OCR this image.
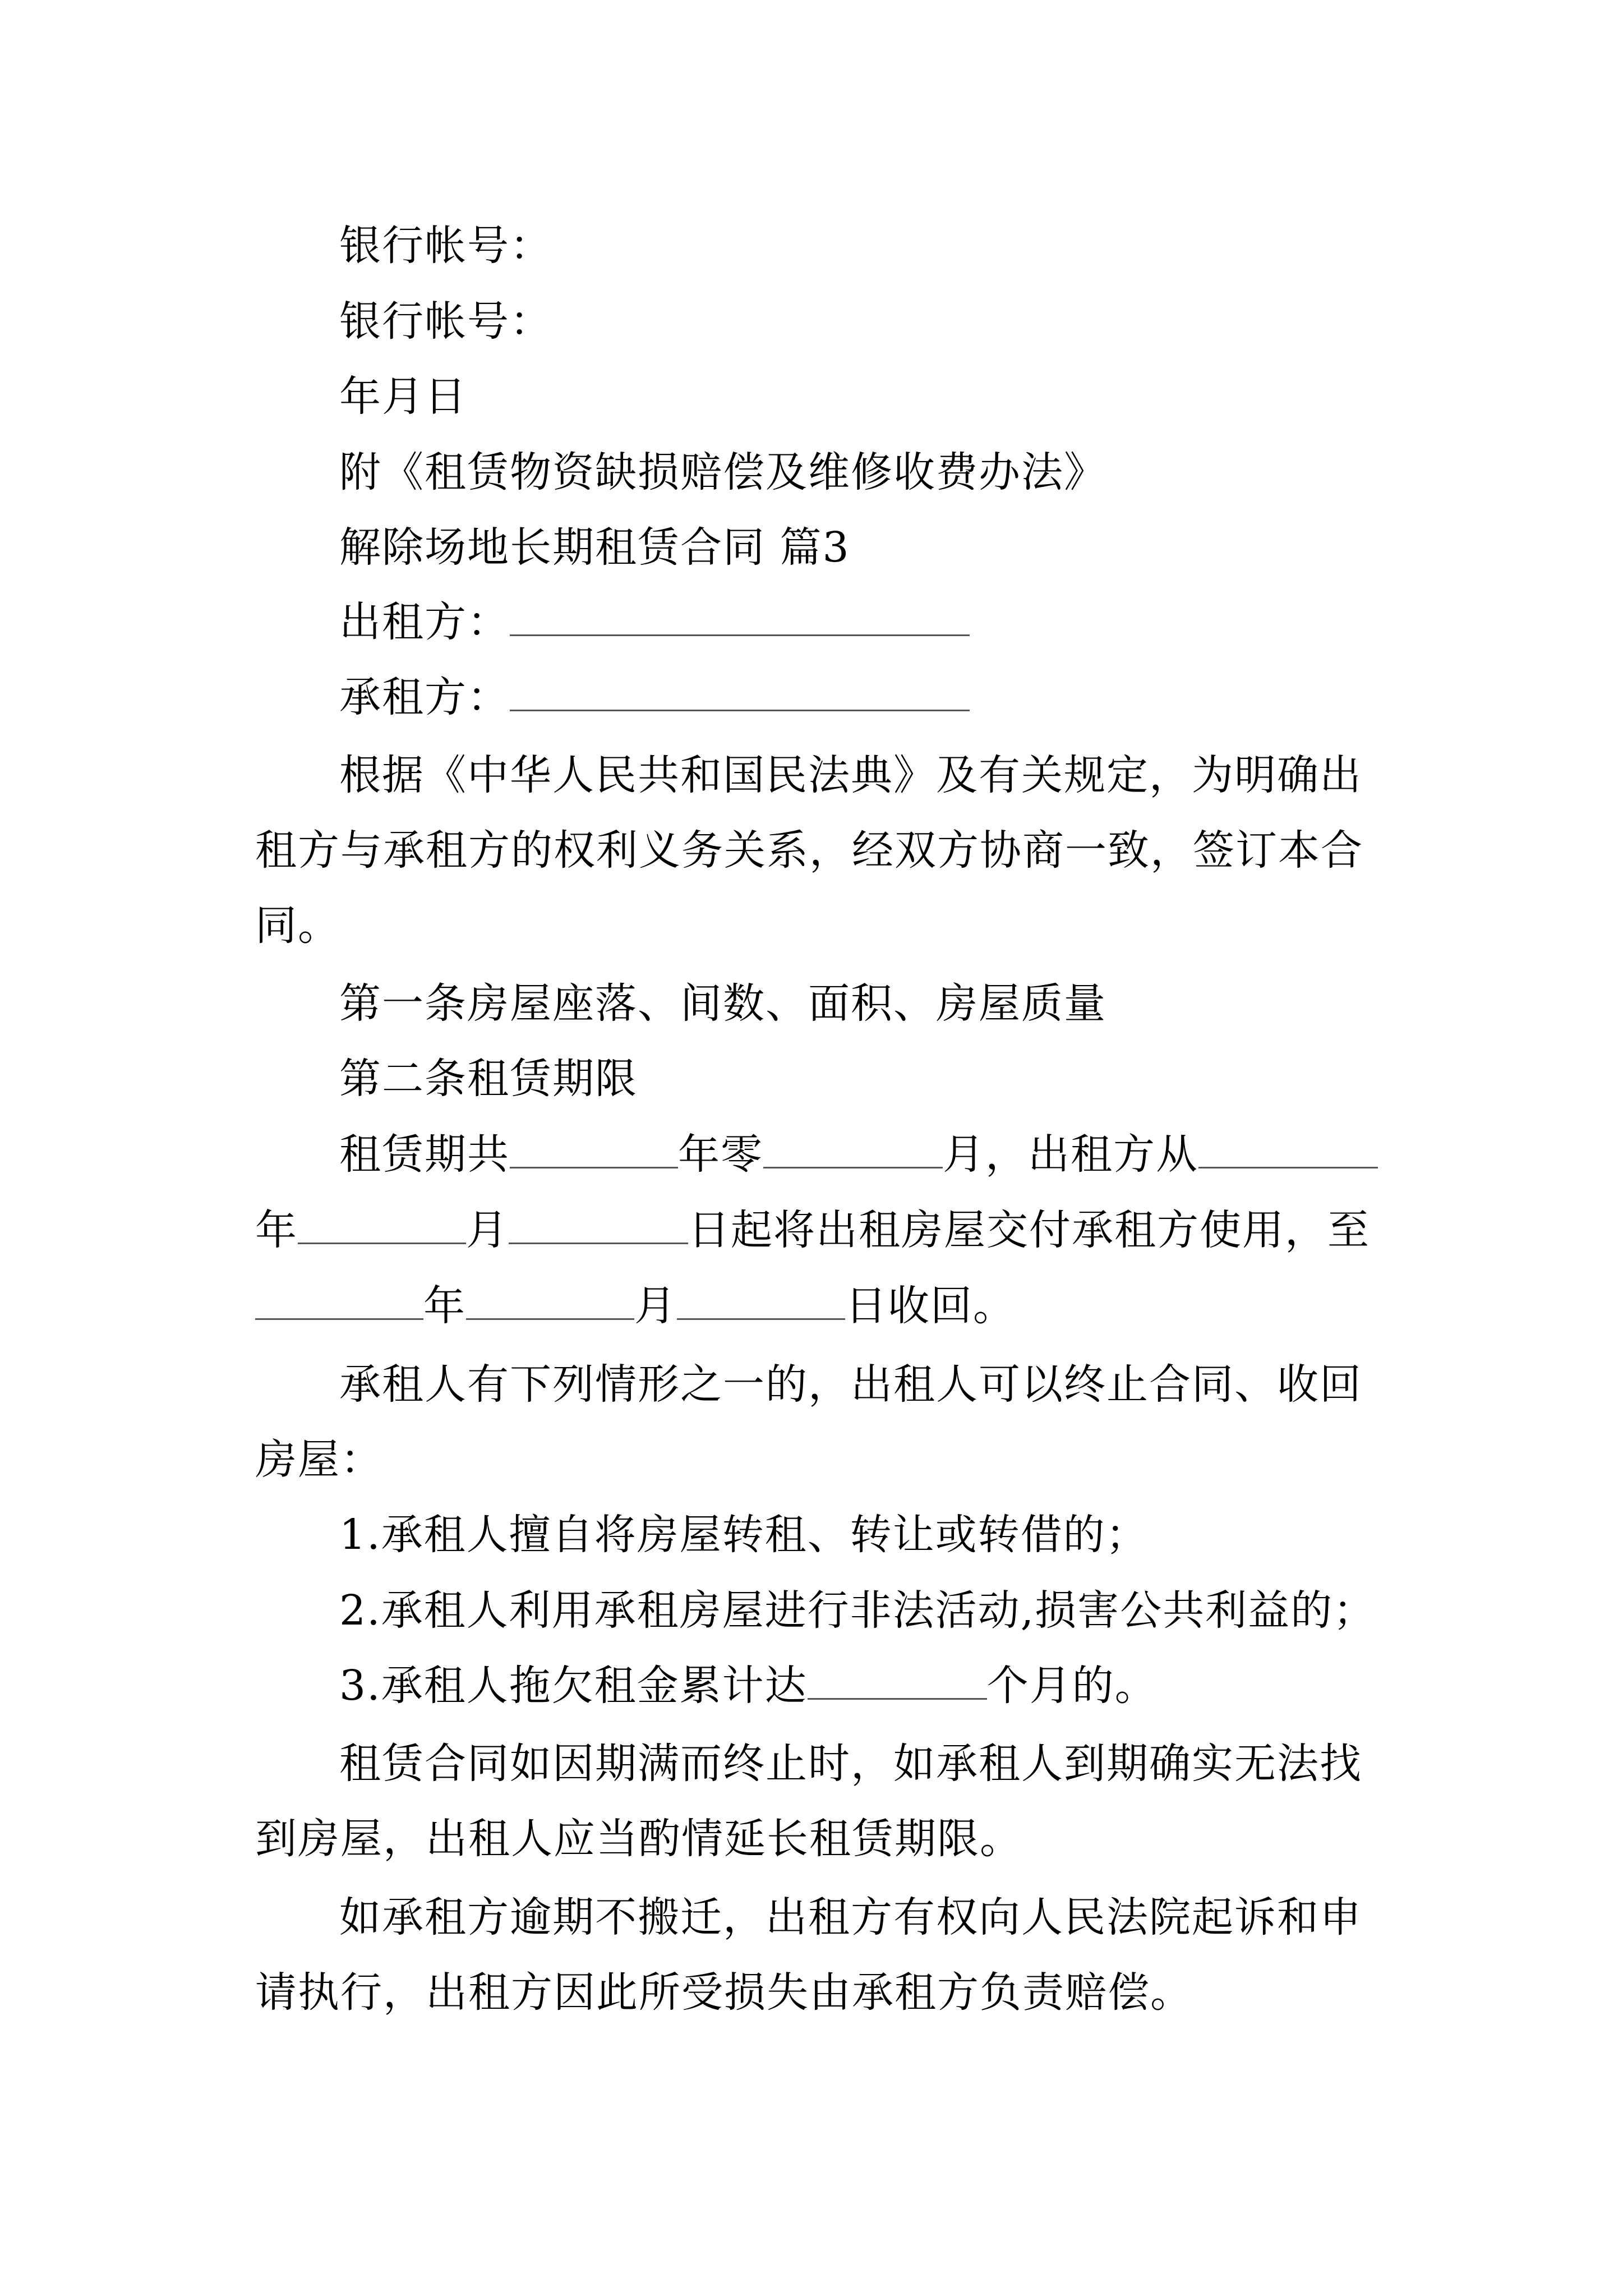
银行帐号：
银行帐号：
年月日
附《租赁物资缺损赔偿及维修收费办法》
解除场地长期租赁合同 篇3
出租方：
承租方：
根据《中华人民共和国民法典》及有关规定，为明确出
租方与承租方的权利义务关系，经双方协商一致，签订本合
同。
第一条房屋座落、间数、面积、房屋质量
第二条租赁期限
租赁期共	年零	月，出租方从
年	月	日起将出租房屋交付承租方使用，至
年	月	日收回。
承租人有下列情形之一的，出租人可以终止合同、收回
房屋：
1.承租人擅自将房屋转租、转让或转借的；
2.承租人利用承租房屋进行非法活动,损害公共利益的；
3.承租人拖欠租金累计达	个月的。
租赁合同如因期满而终止时，如承租人到期确实无法找
到房屋，出租人应当酌情延长租赁期限。
如承租方逾期不搬迁，出租方有权向人民法院起诉和申
请执行，出租方因此所受损失由承租方负责赔偿。
